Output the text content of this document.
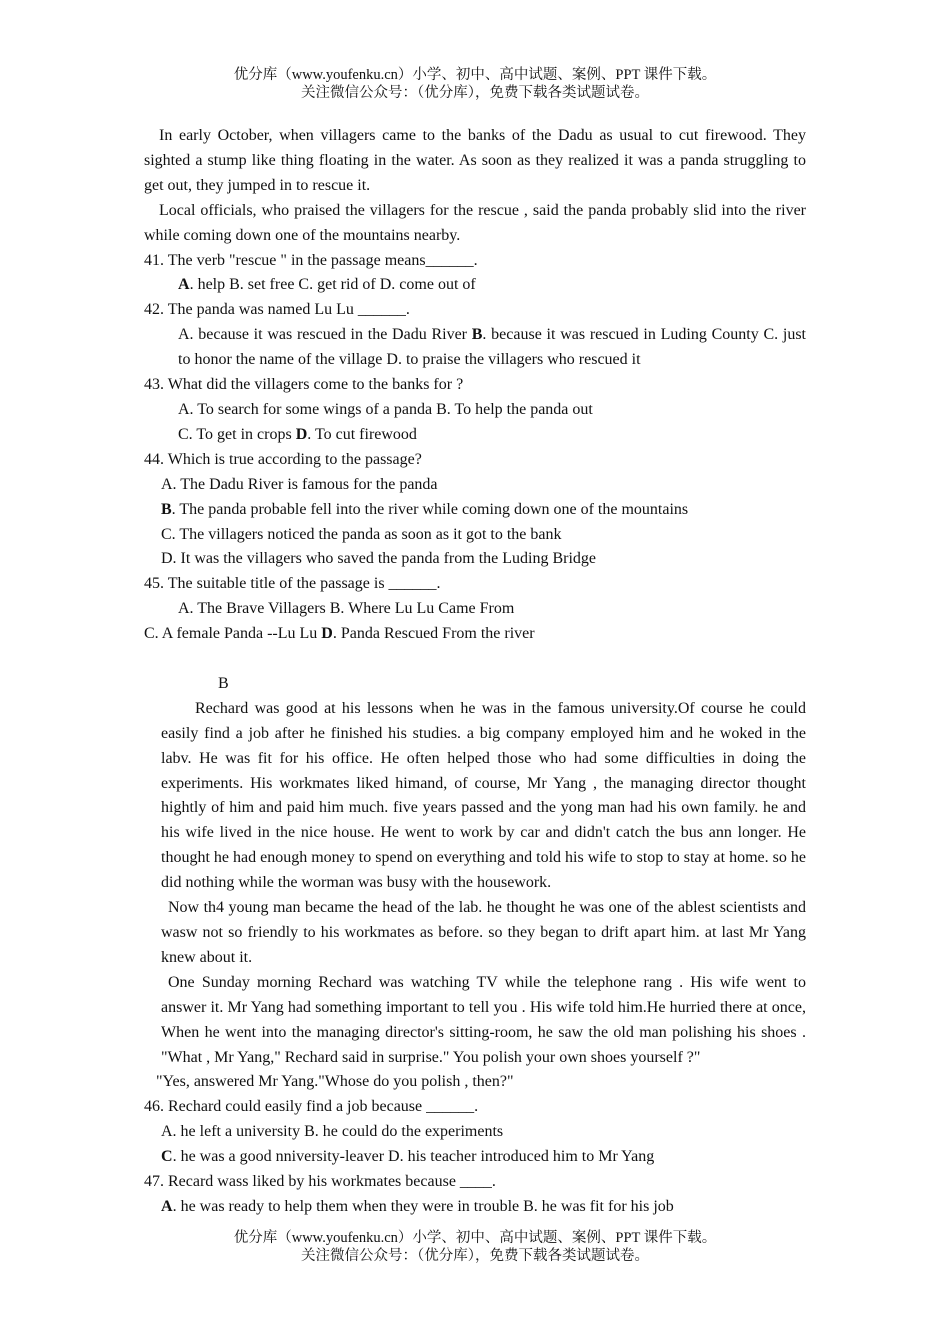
优分库（www.youfenku.cn）小学、初中、高中试题、案例、PPT 课件下载。
关注微信公众号：（优分库），免费下载各类试题试卷。

In early October, when villagers came to the banks of the Dadu as usual to cut firewood. They sighted a stump like thing floating in the water. As soon as they realized it was a panda struggling to get out, they jumped in to rescue it.

Local officials, who praised the villagers for the rescue , said the panda probably slid into the river while coming down one of the mountains nearby.

41. The verb "rescue " in the passage means______.

A. help B. set free C. get rid of D. come out of

42. The panda was named Lu Lu ______.

A. because it was rescued in the Dadu River B. because it was rescued in Luding County C. just to honor the name of the village D. to praise the villagers who rescued it

43. What did the villagers come to the banks for ?

A. To search for some wings of a panda B. To help the panda out

C. To get in crops D. To cut firewood

44. Which is true according to the passage?

A. The Dadu River is famous for the panda

B. The panda probable fell into the river while coming down one of the mountains

C. The villagers noticed the panda as soon as it got to the bank

D. It was the villagers who saved the panda from the Luding Bridge

45. The suitable title of the passage is ______.

A. The Brave Villagers B. Where Lu Lu Came From

C. A female Panda --Lu Lu D. Panda Rescued From the river

B

Rechard was good at his lessons when he was in the famous university.Of course he could easily find a job after he finished his studies. a big company employed him and he woked in the labv. He was fit for his office. He often helped those who had some difficulties in doing the experiments. His workmates liked himand, of course, Mr Yang , the managing director thought hightly of him and paid him much. five years passed and the yong man had his own family. he and his wife lived in the nice house. He went to work by car and didn't catch the bus ann longer. He thought he had enough money to spend on everything and told his wife to stop to stay at home. so he did nothing while the worman was busy with the housework.

Now th4 young man became the head of the lab. he thought he was one of the ablest scientists and wasw not so friendly to his workmates as before. so they began to drift apart him. at last Mr Yang knew about it.

One Sunday morning Rechard was watching TV while the telephone rang . His wife went to answer it. Mr Yang had something important to tell you . His wife told him.He hurried there at once, When he went into the managing director's sitting-room, he saw the old man polishing his shoes . "What , Mr Yang," Rechard said in surprise." You polish your own shoes yourself ?"

"Yes, answered Mr Yang."Whose do you polish , then?"

46. Rechard could easily find a job because ______.

A. he left a university B. he could do the experiments

C. he was a good nniversity-leaver D. his teacher introduced him to Mr Yang

47. Recard wass liked by his workmates because ____.

A. he was ready to help them when they were in trouble B. he was fit for his job

优分库（www.youfenku.cn）小学、初中、高中试题、案例、PPT 课件下载。
关注微信公众号：（优分库），免费下载各类试题试卷。
